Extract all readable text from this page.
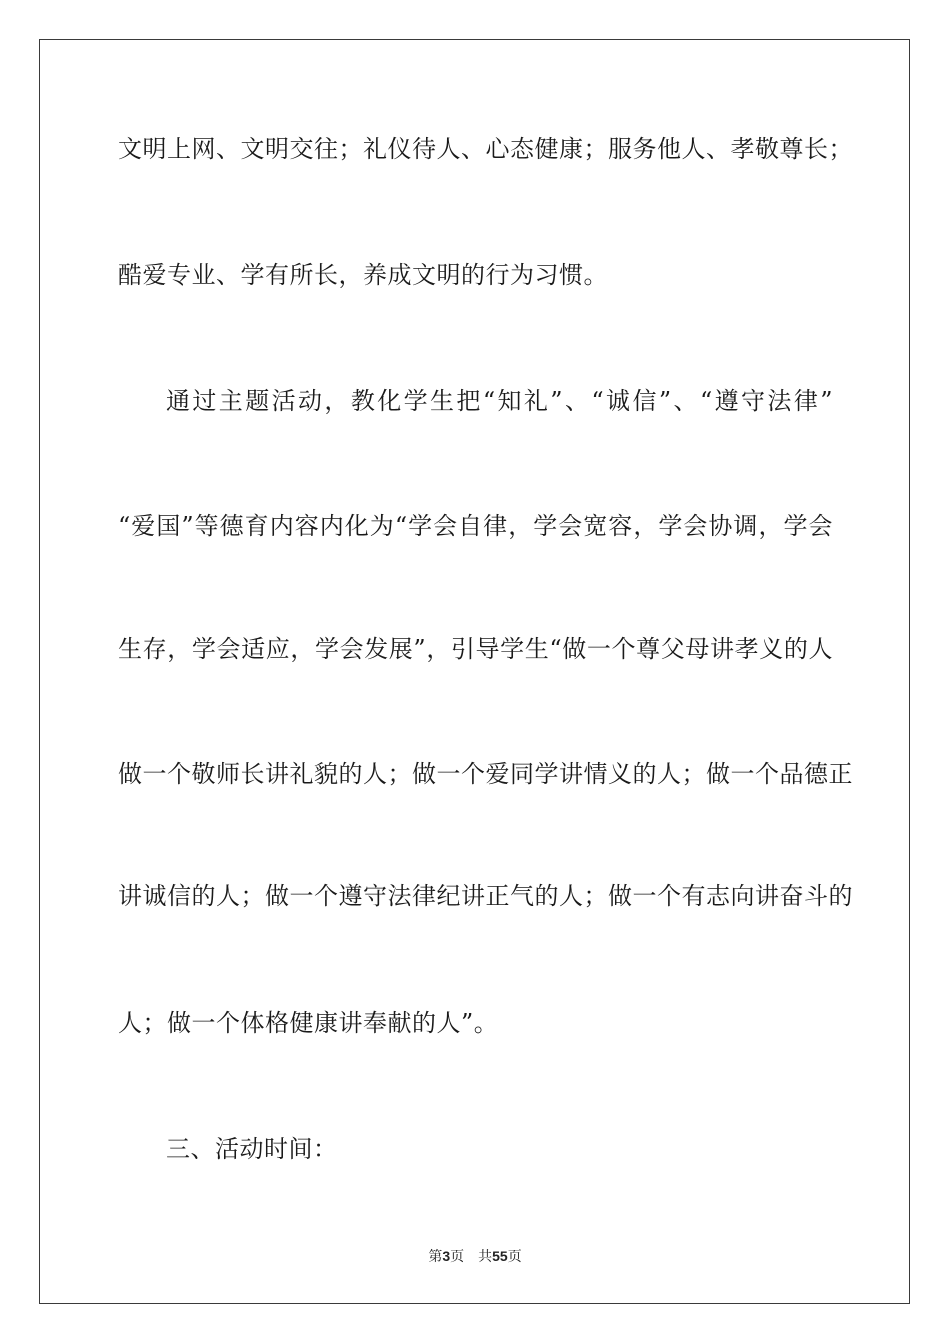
文明上网、文明交往；礼仪待人、心态健康；服务他人、孝敬尊长；
酷爱专业、学有所长，养成文明的行为习惯。
通过主题活动，教化学生把“知礼”、“诚信”、“遵守法律”
“爱国”等德育内容内化为“学会自律，学会宽容，学会协调，学会
生存，学会适应，学会发展”，引导学生“做一个尊父母讲孝义的人
做一个敬师长讲礼貌的人；做一个爱同学讲情义的人；做一个品德正
讲诚信的人；做一个遵守法律纪讲正气的人；做一个有志向讲奋斗的
人；做一个体格健康讲奉献的人”。
三、活动时间：
第3页 共55页
